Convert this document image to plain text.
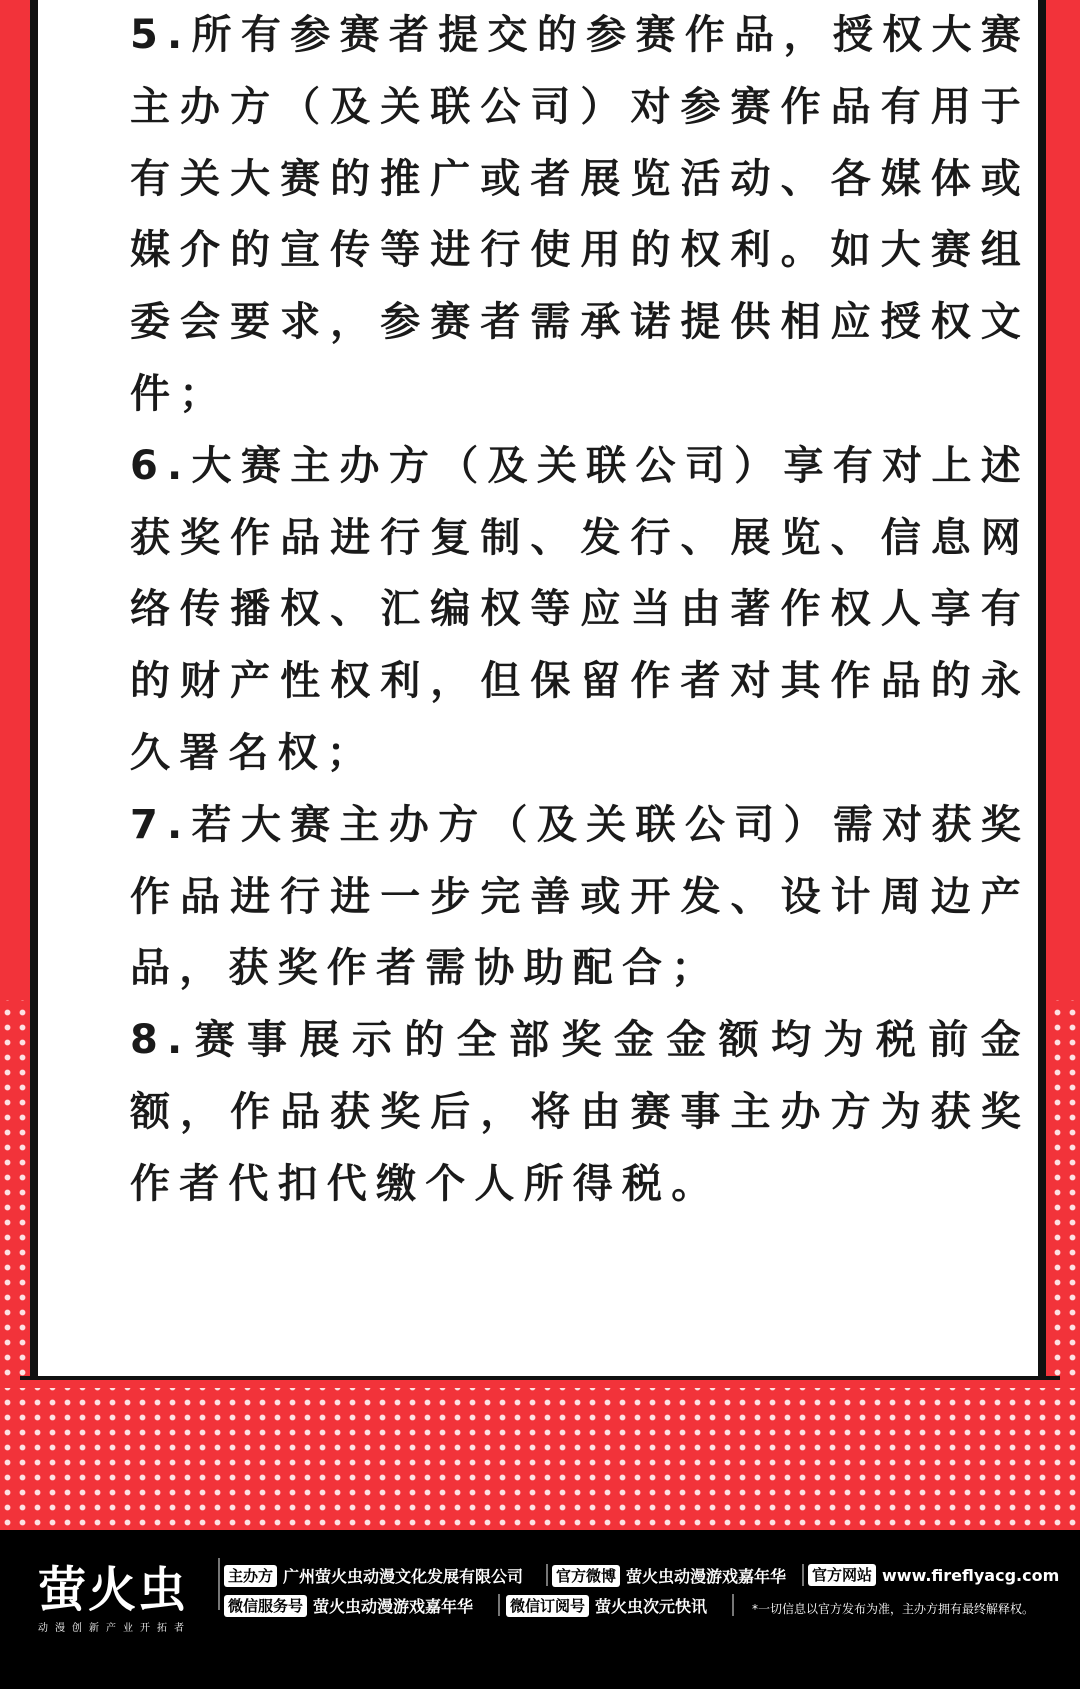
5.所有参赛者提交的参赛作品，授权大赛主办方（及关联公司）对参赛作品有用于有关大赛的推广或者展览活动、各媒体或媒介的宣传等进行使用的权利。如大赛组委会要求，参赛者需承诺提供相应授权文件；

6.大赛主办方（及关联公司）享有对上述获奖作品进行复制、发行、展览、信息网络传播权、汇编权等应当由著作权人享有的财产性权利，但保留作者对其作品的永久署名权；

7.若大赛主办方（及关联公司）需对获奖作品进行进一步完善或开发、设计周边产品，获奖作者需协助配合；

8.赛事展示的全部奖金金额均为税前金额，作品获奖后，将由赛事主办方为获奖作者代扣代缴个人所得税。

萤火虫
动漫创新产业开拓者
主办方 广州萤火虫动漫文化发展有限公司 官方微博 萤火虫动漫游戏嘉年华 官方网站 www.fireflyacg.com
微信服务号 萤火虫动漫游戏嘉年华 微信订阅号 萤火虫次元快讯	*一切信息以官方发布为准，主办方拥有最终解释权。
